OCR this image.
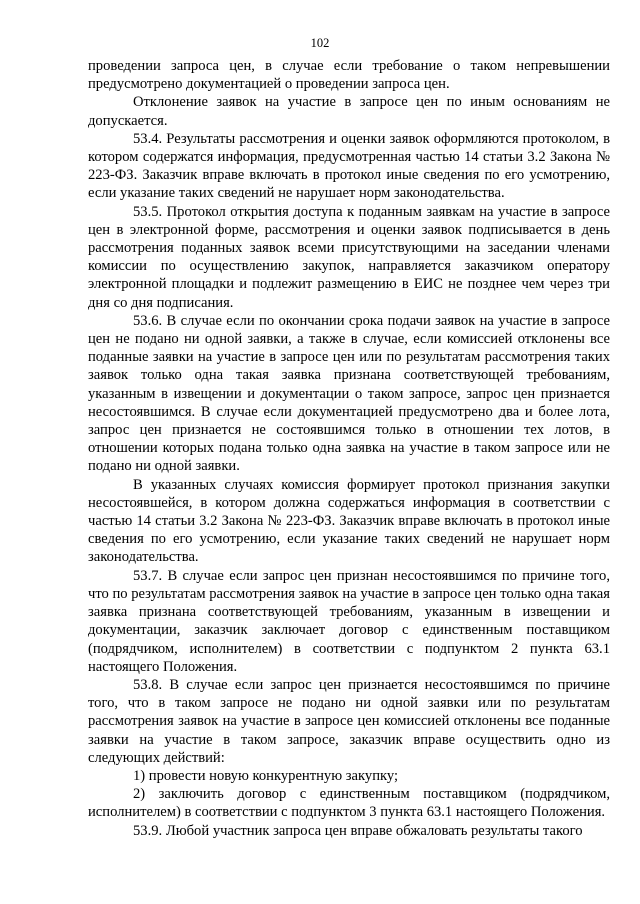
102

проведении запроса цен, в случае если требование о таком непревышении предусмотрено документацией о проведении запроса цен.

Отклонение заявок на участие в запросе цен по иным основаниям не допускается.

53.4. Результаты рассмотрения и оценки заявок оформляются протоколом, в котором содержатся информация, предусмотренная частью 14 статьи 3.2 Закона № 223-ФЗ. Заказчик вправе включать в протокол иные сведения по его усмотрению, если указание таких сведений не нарушает норм законодательства.

53.5. Протокол открытия доступа к поданным заявкам на участие в запросе цен в электронной форме, рассмотрения и оценки заявок подписывается в день рассмотрения поданных заявок всеми присутствующими на заседании членами комиссии по осуществлению закупок, направляется заказчиком оператору электронной площадки и подлежит размещению в ЕИС не позднее чем через три дня со дня подписания.

53.6. В случае если по окончании срока подачи заявок на участие в запросе цен не подано ни одной заявки, а также в случае, если комиссией отклонены все поданные заявки на участие в запросе цен или по результатам рассмотрения таких заявок только одна такая заявка признана соответствующей требованиям, указанным в извещении и документации о таком запросе, запрос цен признается несостоявшимся. В случае если документацией предусмотрено два и более лота, запрос цен признается не состоявшимся только в отношении тех лотов, в отношении которых подана только одна заявка на участие в таком запросе или не подано ни одной заявки.

В указанных случаях комиссия формирует протокол признания закупки несостоявшейся, в котором должна содержаться информация в соответствии с частью 14 статьи 3.2 Закона № 223-ФЗ. Заказчик вправе включать в протокол иные сведения по его усмотрению, если указание таких сведений не нарушает норм законодательства.

53.7. В случае если запрос цен признан несостоявшимся по причине того, что по результатам рассмотрения заявок на участие в запросе цен только одна такая заявка признана соответствующей требованиям, указанным в извещении и документации, заказчик заключает договор с единственным поставщиком (подрядчиком, исполнителем) в соответствии с подпунктом 2 пункта 63.1 настоящего Положения.

53.8. В случае если запрос цен признается несостоявшимся по причине того, что в таком запросе не подано ни одной заявки или по результатам рассмотрения заявок на участие в запросе цен комиссией отклонены все поданные заявки на участие в таком запросе, заказчик вправе осуществить одно из следующих действий:

1) провести новую конкурентную закупку;

2) заключить договор с единственным поставщиком (подрядчиком, исполнителем) в соответствии с подпунктом 3 пункта 63.1 настоящего Положения.

53.9. Любой участник запроса цен вправе обжаловать результаты такого
